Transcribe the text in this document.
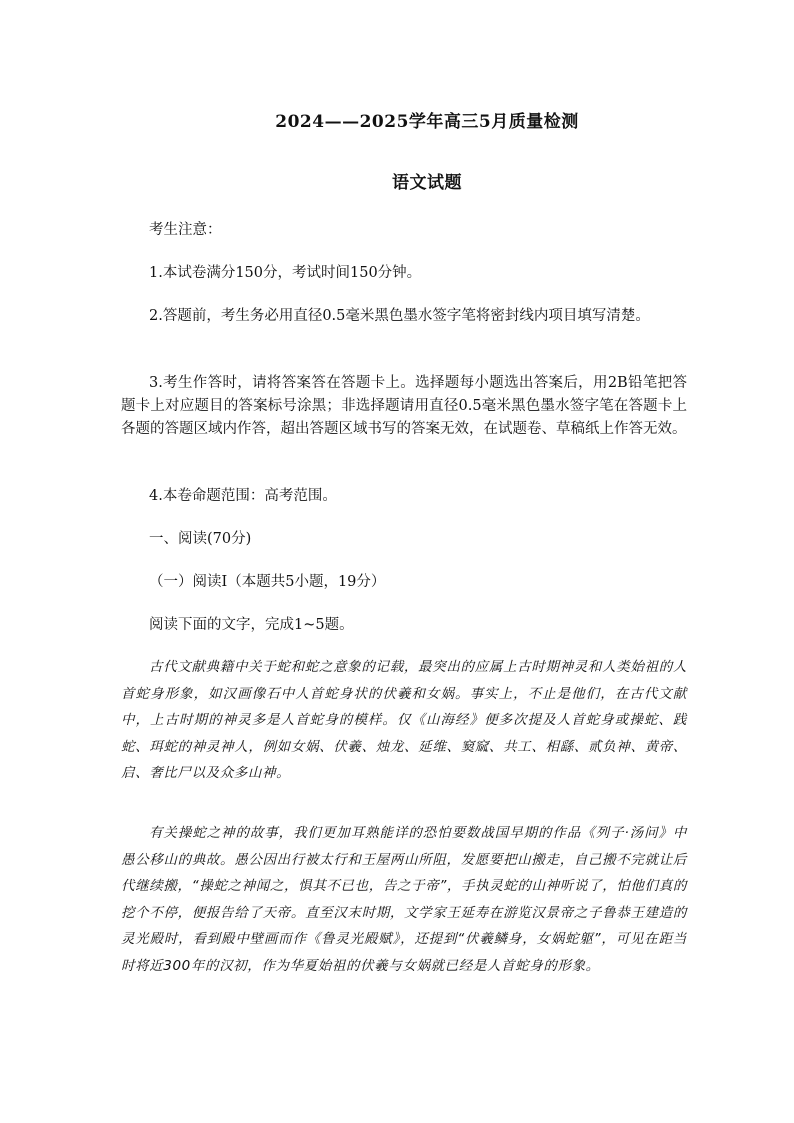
2024——2025学年高三5月质量检测
语文试题
考生注意：
1.本试卷满分150分，考试时间150分钟。
2.答题前，考生务必用直径0.5毫米黑色墨水签字笔将密封线内项目填写清楚。
3.考生作答时，请将答案答在答题卡上。选择题每小题选出答案后，用2B铅笔把答题卡上对应题目的答案标号涂黑；非选择题请用直径0.5毫米黑色墨水签字笔在答题卡上各题的答题区域内作答，超出答题区域书写的答案无效，在试题卷、草稿纸上作答无效。
4.本卷命题范围：高考范围。
一、阅读(70分)
（一）阅读Ⅰ（本题共5小题，19分）
阅读下面的文字，完成1~5题。
古代文献典籍中关于蛇和蛇之意象的记载，最突出的应属上古时期神灵和人类始祖的人首蛇身形象，如汉画像石中人首蛇身状的伏羲和女娲。事实上，不止是他们，在古代文献中，上古时期的神灵多是人首蛇身的模样。仅《山海经》便多次提及人首蛇身或操蛇、践蛇、珥蛇的神灵神人，例如女娲、伏羲、烛龙、延维、窫窳、共工、相繇、贰负神、黄帝、启、奢比尸以及众多山神。
有关操蛇之神的故事，我们更加耳熟能详的恐怕要数战国早期的作品《列子·汤问》中愚公移山的典故。愚公因出行被太行和王屋两山所阻，发愿要把山搬走，自己搬不完就让后代继续搬，“操蛇之神闻之，惧其不已也，告之于帝”，手执灵蛇的山神听说了，怕他们真的挖个不停，便报告给了天帝。直至汉末时期，文学家王延寿在游览汉景帝之子鲁恭王建造的灵光殿时，看到殿中壁画而作《鲁灵光殿赋》，还提到“伏羲鳞身，女娲蛇躯”，可见在距当时将近300年的汉初，作为华夏始祖的伏羲与女娲就已经是人首蛇身的形象。
